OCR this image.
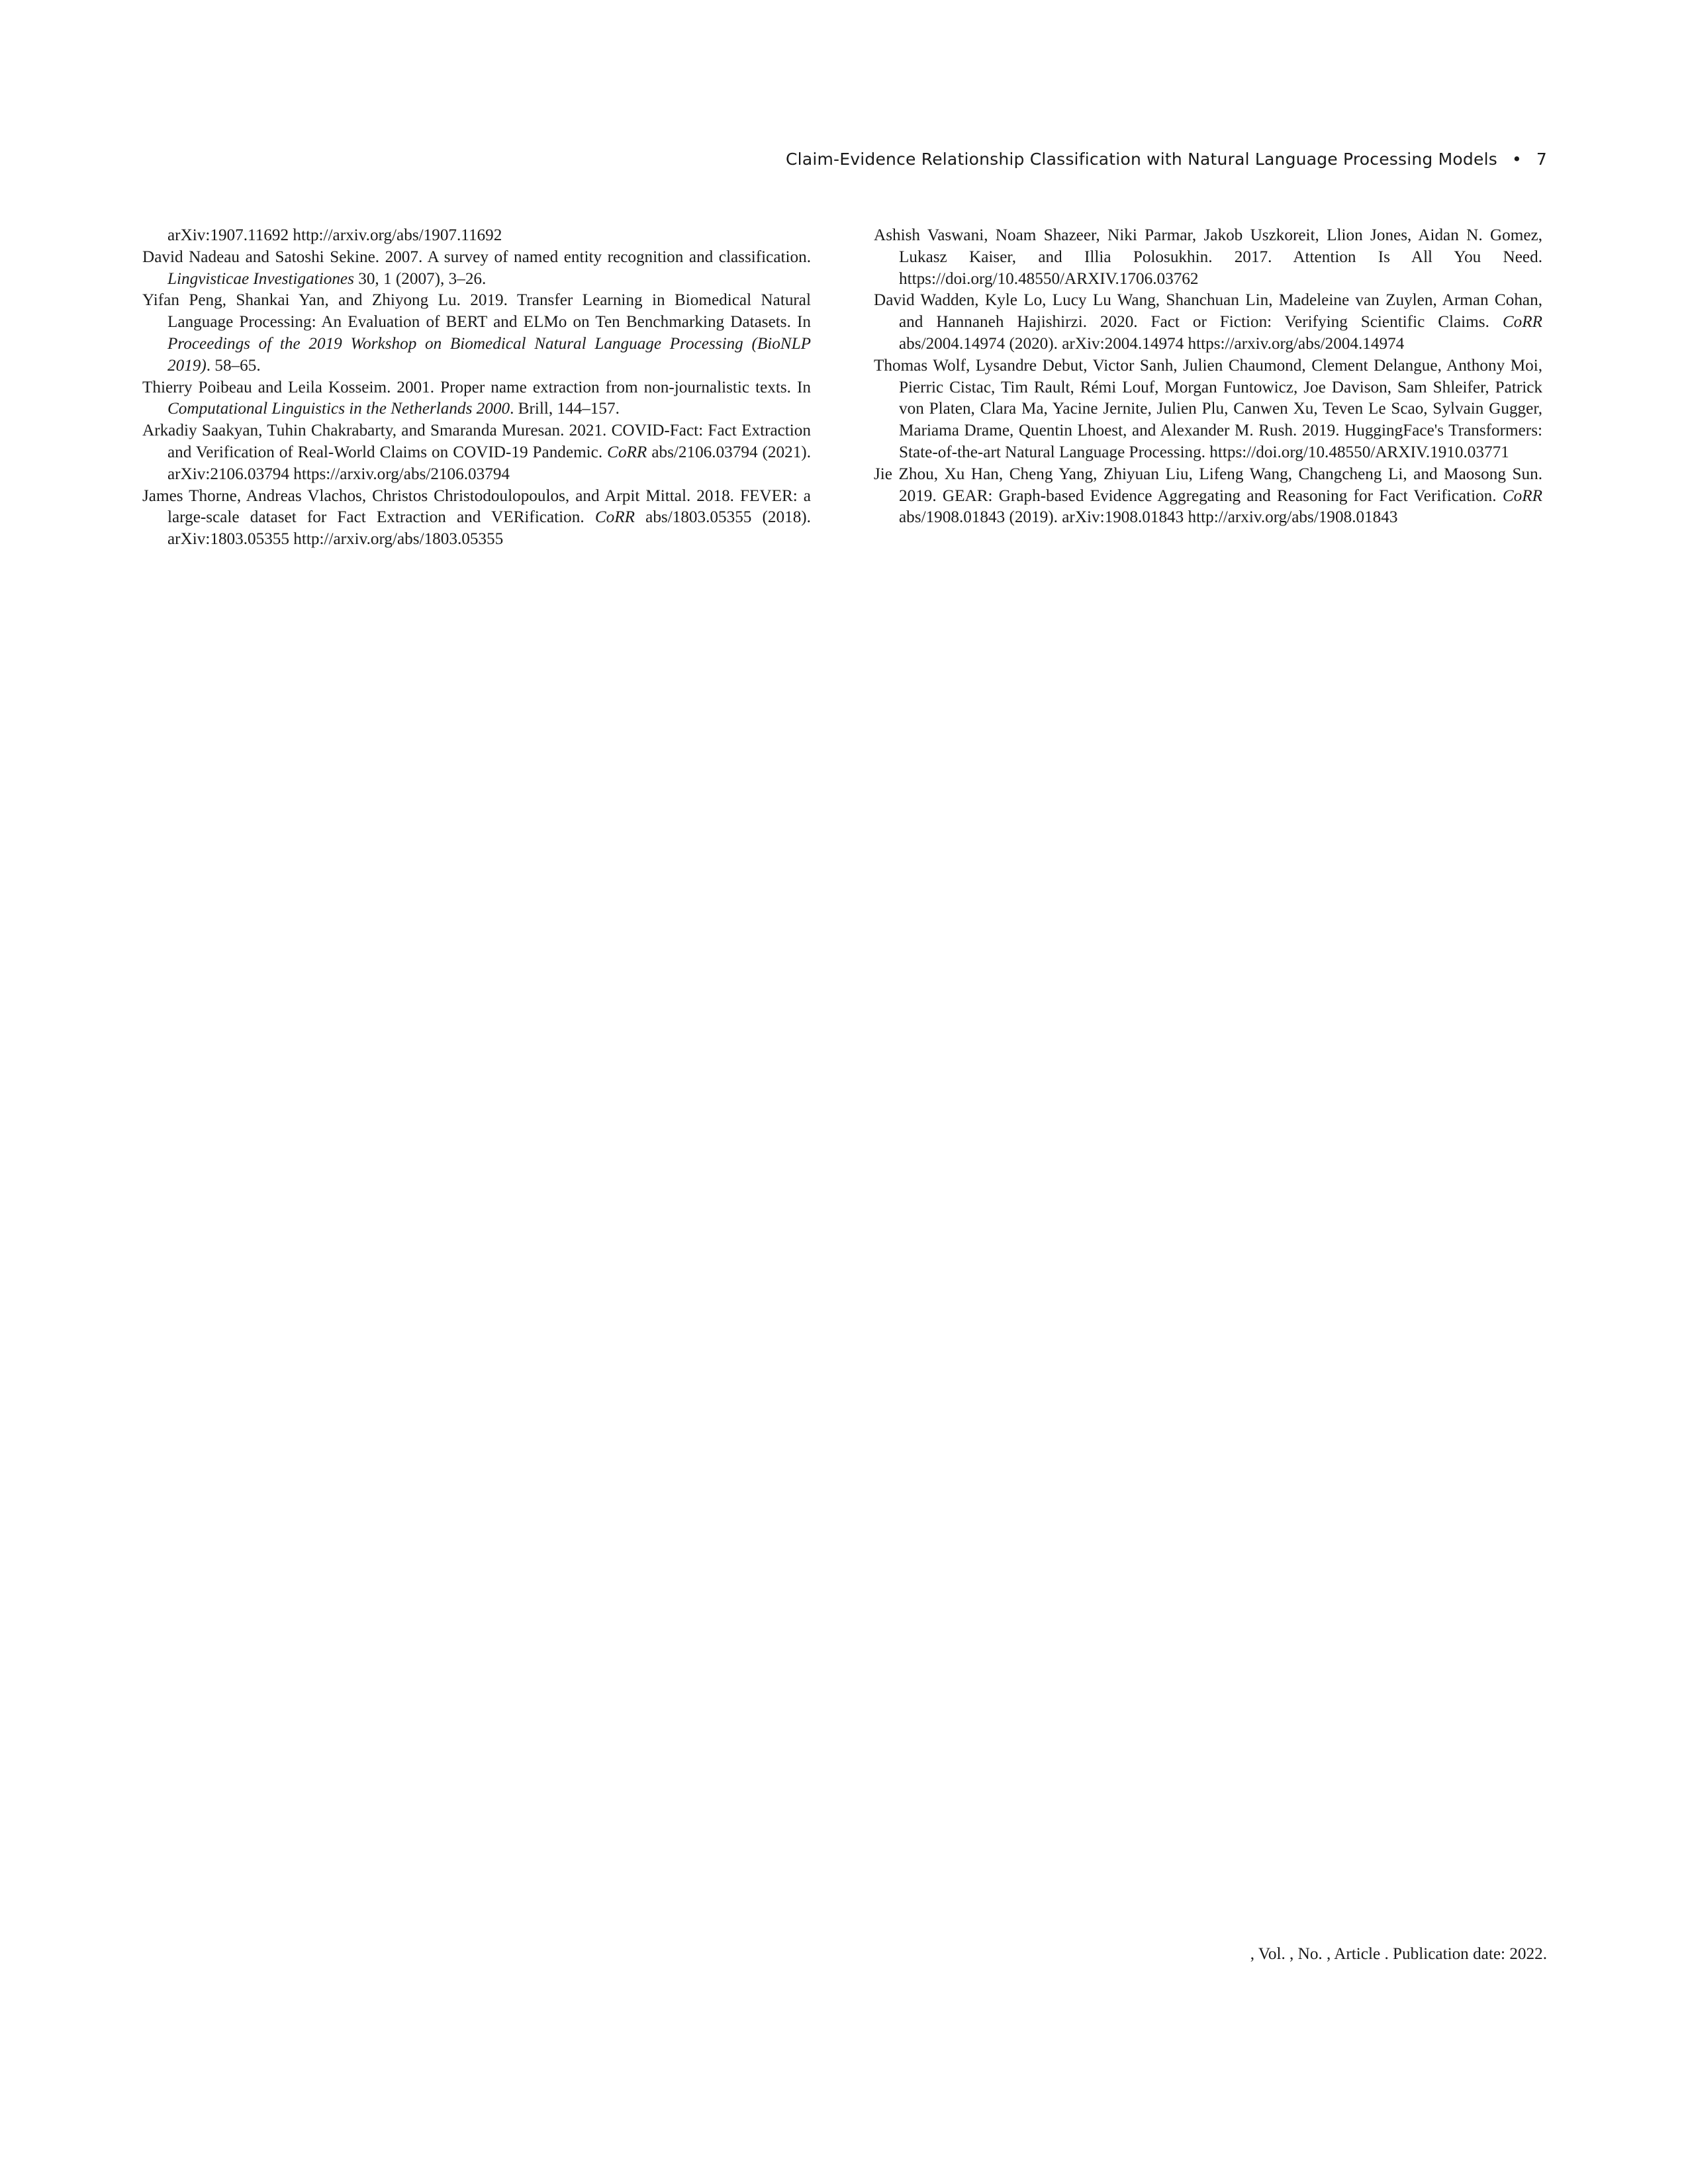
Claim-Evidence Relationship Classification with Natural Language Processing Models • 7

arXiv:1907.11692 http://arxiv.org/abs/1907.11692

David Nadeau and Satoshi Sekine. 2007. A survey of named entity recognition and classification. Lingvisticae Investigationes 30, 1 (2007), 3–26.

Yifan Peng, Shankai Yan, and Zhiyong Lu. 2019. Transfer Learning in Biomedical Natural Language Processing: An Evaluation of BERT and ELMo on Ten Benchmarking Datasets. In Proceedings of the 2019 Workshop on Biomedical Natural Language Processing (BioNLP 2019). 58–65.

Thierry Poibeau and Leila Kosseim. 2001. Proper name extraction from non-journalistic texts. In Computational Linguistics in the Netherlands 2000. Brill, 144–157.

Arkadiy Saakyan, Tuhin Chakrabarty, and Smaranda Muresan. 2021. COVID-Fact: Fact Extraction and Verification of Real-World Claims on COVID-19 Pandemic. CoRR abs/2106.03794 (2021). arXiv:2106.03794 https://arxiv.org/abs/2106.03794

James Thorne, Andreas Vlachos, Christos Christodoulopoulos, and Arpit Mittal. 2018. FEVER: a large-scale dataset for Fact Extraction and VERification. CoRR abs/1803.05355 (2018). arXiv:1803.05355 http://arxiv.org/abs/1803.05355

Ashish Vaswani, Noam Shazeer, Niki Parmar, Jakob Uszkoreit, Llion Jones, Aidan N. Gomez, Lukasz Kaiser, and Illia Polosukhin. 2017. Attention Is All You Need. https://doi.org/10.48550/ARXIV.1706.03762

David Wadden, Kyle Lo, Lucy Lu Wang, Shanchuan Lin, Madeleine van Zuylen, Arman Cohan, and Hannaneh Hajishirzi. 2020. Fact or Fiction: Verifying Scientific Claims. CoRR abs/2004.14974 (2020). arXiv:2004.14974 https://arxiv.org/abs/2004.14974

Thomas Wolf, Lysandre Debut, Victor Sanh, Julien Chaumond, Clement Delangue, Anthony Moi, Pierric Cistac, Tim Rault, Rémi Louf, Morgan Funtowicz, Joe Davison, Sam Shleifer, Patrick von Platen, Clara Ma, Yacine Jernite, Julien Plu, Canwen Xu, Teven Le Scao, Sylvain Gugger, Mariama Drame, Quentin Lhoest, and Alexander M. Rush. 2019. HuggingFace's Transformers: State-of-the-art Natural Language Processing. https://doi.org/10.48550/ARXIV.1910.03771

Jie Zhou, Xu Han, Cheng Yang, Zhiyuan Liu, Lifeng Wang, Changcheng Li, and Maosong Sun. 2019. GEAR: Graph-based Evidence Aggregating and Reasoning for Fact Verification. CoRR abs/1908.01843 (2019). arXiv:1908.01843 http://arxiv.org/abs/1908.01843

, Vol. , No. , Article . Publication date: 2022.
